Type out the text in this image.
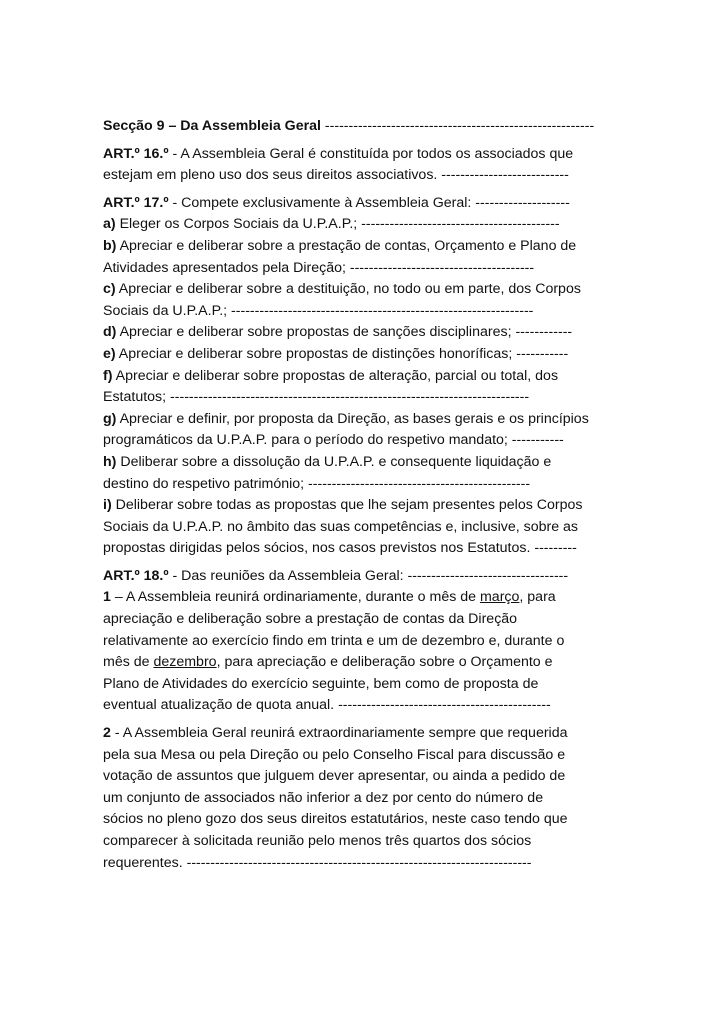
Secção 9 – Da Assembleia Geral ---------------------------------------------------------

ART.º 16.º - A Assembleia Geral é constituída por todos os associados que
estejam em pleno uso dos seus direitos associativos. ---------------------------

ART.º 17.º - Compete exclusivamente à Assembleia Geral: --------------------
a) Eleger os Corpos Sociais da U.P.A.P.; ------------------------------------------
b) Apreciar e deliberar sobre a prestação de contas, Orçamento e Plano de
Atividades apresentados pela Direção; ---------------------------------------
c) Apreciar e deliberar sobre a destituição, no todo ou em parte, dos Corpos
Sociais da U.P.A.P.; ----------------------------------------------------------------
d) Apreciar e deliberar sobre propostas de sanções disciplinares; ------------
e) Apreciar e deliberar sobre propostas de distinções honoríficas; -----------
f) Apreciar e deliberar sobre propostas de alteração, parcial ou total, dos
Estatutos; ----------------------------------------------------------------------------
g) Apreciar e definir, por proposta da Direção, as bases gerais e os princípios
programáticos da U.P.A.P. para o período do respetivo mandato; -----------
h) Deliberar sobre a dissolução da U.P.A.P. e consequente liquidação e
destino do respetivo património; -----------------------------------------------
i) Deliberar sobre todas as propostas que lhe sejam presentes pelos Corpos
Sociais da U.P.A.P. no âmbito das suas competências e, inclusive, sobre as
propostas dirigidas pelos sócios, nos casos previstos nos Estatutos. ---------

ART.º 18.º - Das reuniões da Assembleia Geral: ----------------------------------
1 – A Assembleia reunirá ordinariamente, durante o mês de março, para
apreciação e deliberação sobre a prestação de contas da Direção
relativamente ao exercício findo em trinta e um de dezembro e, durante o
mês de dezembro, para apreciação e deliberação sobre o Orçamento e
Plano de Atividades do exercício seguinte, bem como de proposta de
eventual atualização de quota anual. ---------------------------------------------

2 - A Assembleia Geral reunirá extraordinariamente sempre que requerida
pela sua Mesa ou pela Direção ou pelo Conselho Fiscal para discussão e
votação de assuntos que julguem dever apresentar, ou ainda a pedido de
um conjunto de associados não inferior a dez por cento do número de
sócios no pleno gozo dos seus direitos estatutários, neste caso tendo que
comparecer à solicitada reunião pelo menos três quartos dos sócios
requerentes. -------------------------------------------------------------------------
